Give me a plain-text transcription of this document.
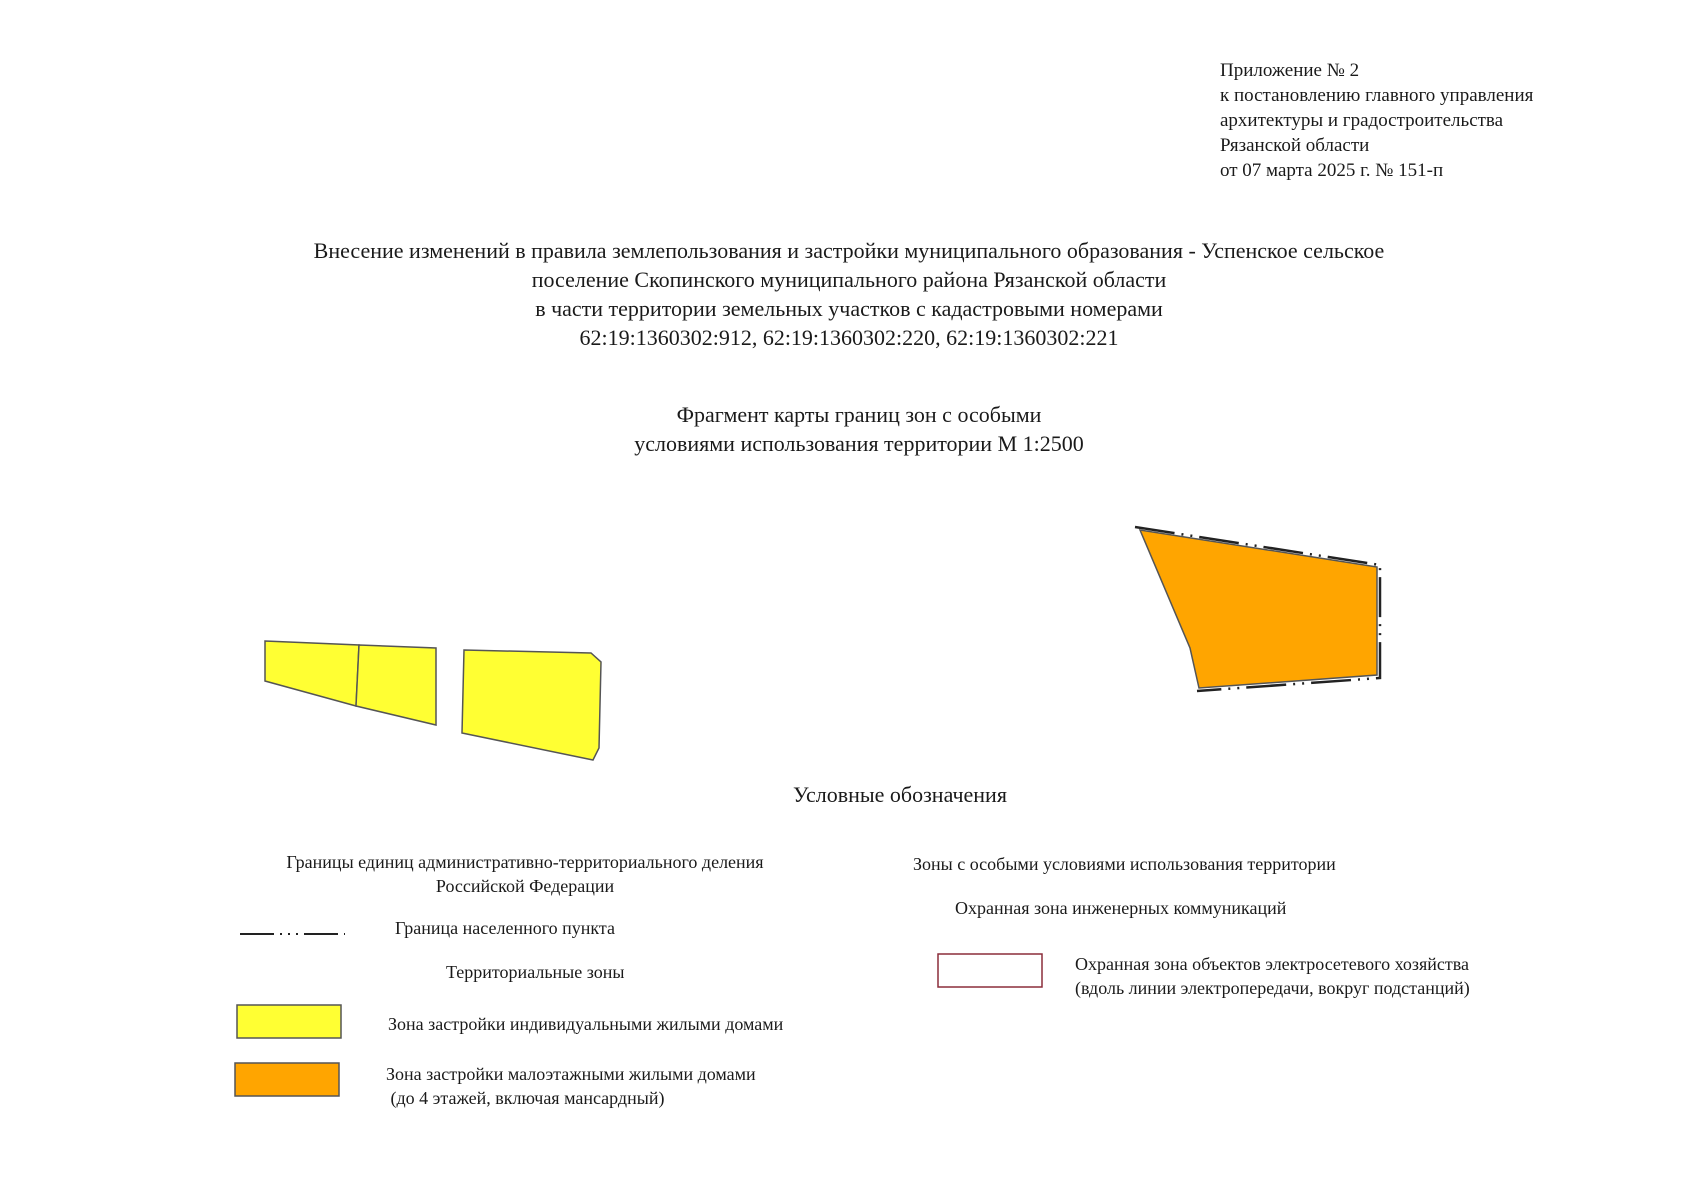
Приложение № 2
к постановлению главного управления
архитектуры и градостроительства
Рязанской области
от 07 марта 2025 г. № 151-п
Внесение изменений в правила землепользования и застройки муниципального образования - Успенское сельское
поселение Скопинского муниципального района Рязанской области
в части территории земельных участков с кадастровыми номерами
62:19:1360302:912, 62:19:1360302:220, 62:19:1360302:221
Фрагмент карты границ зон с особыми
условиями использования территории М 1:2500
Условные обозначения
Границы единиц административно-территориального деления
Российской Федерации
Граница населенного пункта
Территориальные зоны
Зона застройки индивидуальными жилыми домами
Зона застройки малоэтажными жилыми домами
(до 4 этажей, включая мансардный)
Зоны с особыми условиями использования территории
Охранная зона инженерных коммуникаций
Охранная зона объектов электросетевого хозяйства
(вдоль линии электропередачи, вокруг подстанций)
